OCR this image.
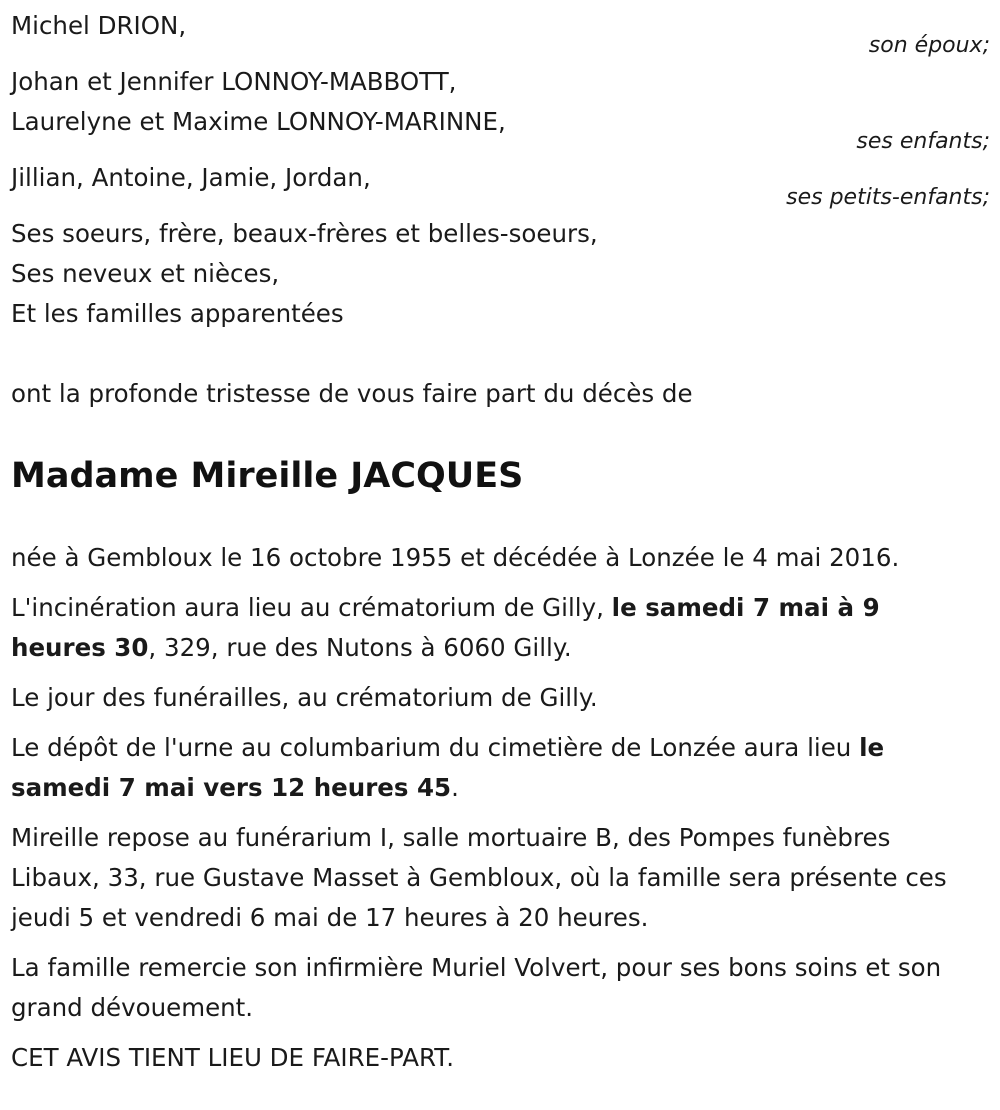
Michel DRION,
son époux;
Johan et Jennifer LONNOY-MABBOTT,
Laurelyne et Maxime LONNOY-MARINNE,
ses enfants;
Jillian, Antoine, Jamie, Jordan,
ses petits-enfants;
Ses soeurs, frère, beaux-frères et belles-soeurs,
Ses neveux et nièces,
Et les familles apparentées
ont la profonde tristesse de vous faire part du décès de
Madame Mireille JACQUES

née à Gembloux le 16 octobre 1955 et décédée à Lonzée le 4 mai 2016.

L'incinération aura lieu au crématorium de Gilly, le samedi 7 mai à 9 heures 30, 329, rue des Nutons à 6060 Gilly.

Le jour des funérailles, au crématorium de Gilly.

Le dépôt de l'urne au columbarium du cimetière de Lonzée aura lieu le samedi 7 mai vers 12 heures 45.

Mireille repose au funérarium I, salle mortuaire B, des Pompes funèbres Libaux, 33, rue Gustave Masset à Gembloux, où la famille sera présente ces jeudi 5 et vendredi 6 mai de 17 heures à 20 heures.

La famille remercie son infirmière Muriel Volvert, pour ses bons soins et son grand dévouement.

CET AVIS TIENT LIEU DE FAIRE-PART.
